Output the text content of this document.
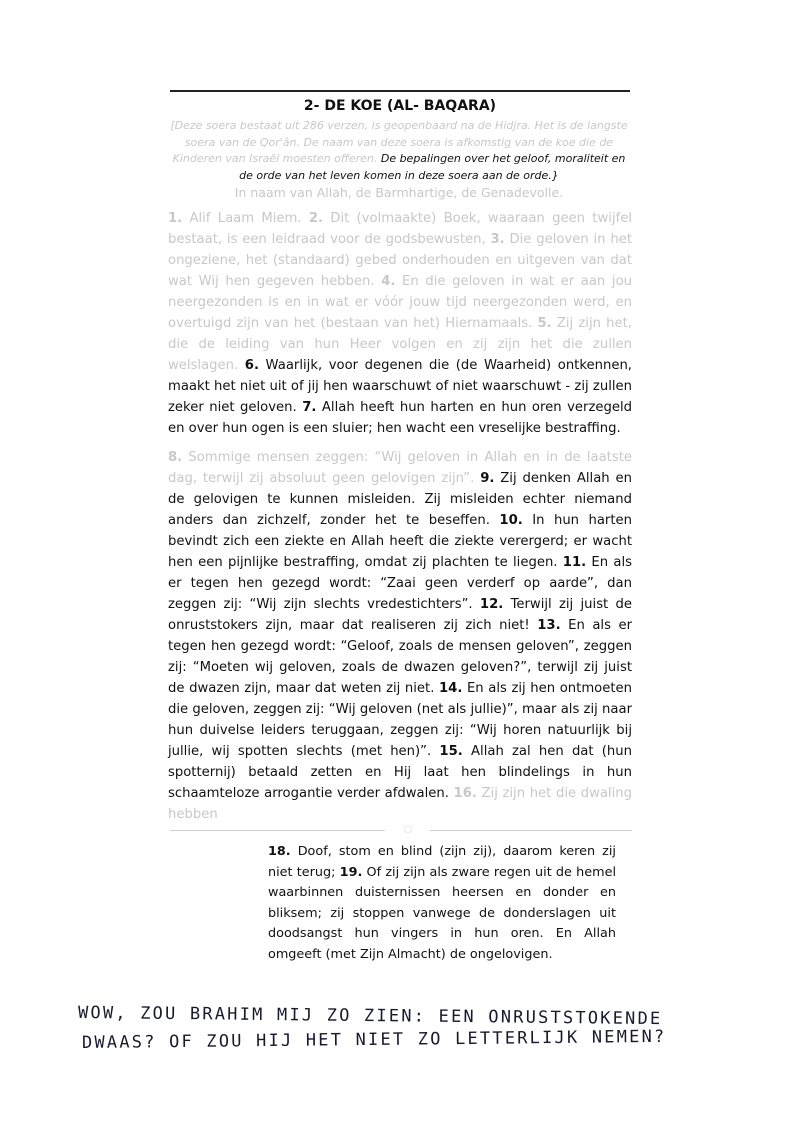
2- DE KOE (AL- BAQARA)
[Deze soera bestaat uit 286 verzen, is geopenbaard na de Hidjra. Het is de langste soera van de Qor'ân. De naam van deze soera is afkomstig van de koe die de Kinderen van Israël moesten offeren. De bepalingen over het geloof, moraliteit en de orde van het leven komen in deze soera aan de orde.}
In naam van Allah, de Barmhartige, de Genadevolle.

1. Alif Laam Miem. 2. Dit (volmaakte) Boek, waaraan geen twijfel bestaat, is een leidraad voor de godsbewusten, 3. Die geloven in het ongeziene, het (standaard) gebed onderhouden en uitgeven van dat wat Wij hen gegeven hebben. 4. En die geloven in wat er aan jou neergezonden is en in wat er vóór jouw tijd neergezonden werd, en overtuigd zijn van het (bestaan van het) Hiernamaals. 5. Zij zijn het, die de leiding van hun Heer volgen en zij zijn het die zullen welslagen. 6. Waarlijk, voor degenen die (de Waarheid) ontkennen, maakt het niet uit of jij hen waarschuwt of niet waarschuwt - zij zullen zeker niet geloven. 7. Allah heeft hun harten en hun oren verzegeld en over hun ogen is een sluier; hen wacht een vreselijke bestraffing.

8. Sommige mensen zeggen: “Wij geloven in Allah en in de laatste dag, terwijl zij absoluut geen gelovigen zijn”. 9. Zij denken Allah en de gelovigen te kunnen misleiden. Zij misleiden echter niemand anders dan zichzelf, zonder het te beseffen. 10. In hun harten bevindt zich een ziekte en Allah heeft die ziekte verergerd; er wacht hen een pijnlijke bestraffing, omdat zij plachten te liegen. 11. En als er tegen hen gezegd wordt: “Zaai geen verderf op aarde”, dan zeggen zij: “Wij zijn slechts vredestichters”. 12. Terwijl zij juist de onruststokers zijn, maar dat realiseren zij zich niet! 13. En als er tegen hen gezegd wordt: “Geloof, zoals de mensen geloven”, zeggen zij: “Moeten wij geloven, zoals de dwazen geloven?”, terwijl zij juist de dwazen zijn, maar dat weten zij niet. 14. En als zij hen ontmoeten die geloven, zeggen zij: “Wij geloven (net als jullie)”, maar als zij naar hun duivelse leiders teruggaan, zeggen zij: “Wij horen natuurlijk bij jullie, wij spotten slechts (met hen)”. 15. Allah zal hen dat (hun spotternij) betaald zetten en Hij laat hen blindelings in hun schaamteloze arrogantie verder afdwalen. 16. Zij zijn het die dwaling hebben

○

18. Doof, stom en blind (zijn zij), daarom keren zij niet terug; 19. Of zij zijn als zware regen uit de hemel waarbinnen duisternissen heersen en donder en bliksem; zij stoppen vanwege de donderslagen uit doodsangst hun vingers in hun oren. En Allah omgeeft (met Zijn Almacht) de ongelovigen.

WOW, ZOU BRAHIM MIJ ZO ZIEN: EEN ONRUSTSTOKENDE
DWAAS? OF ZOU HIJ HET NIET ZO LETTERLIJK NEMEN?
